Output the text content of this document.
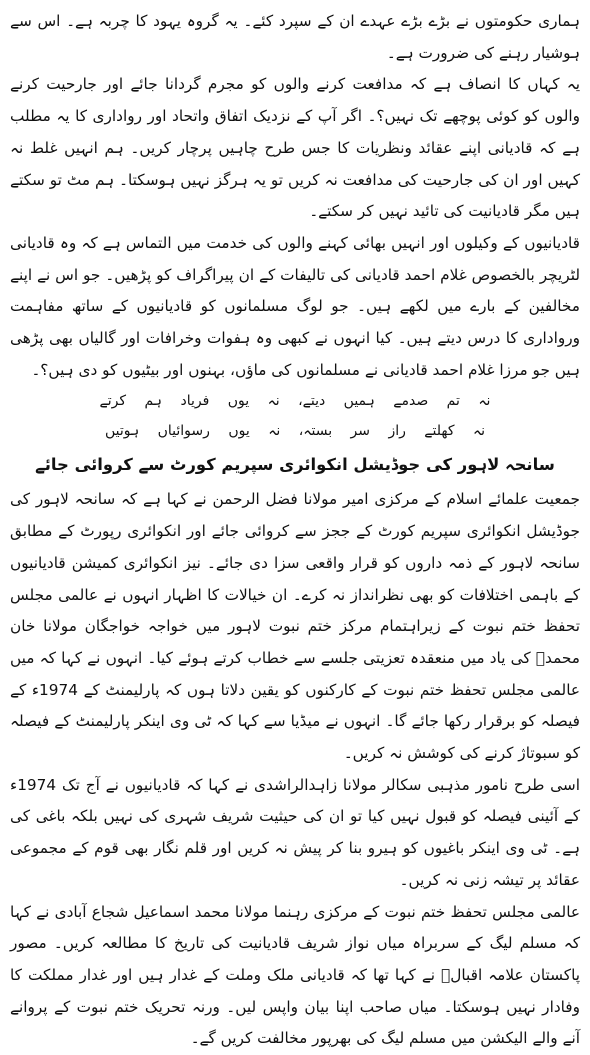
ہماری حکومتوں نے بڑے بڑے عہدے ان کے سپرد کئے۔ یہ گروہ یہود کا چربہ ہے۔ اس سے ہوشیار رہنے کی ضرورت ہے۔

یہ کہاں کا انصاف ہے کہ مدافعت کرنے والوں کو مجرم گردانا جائے اور جارحیت کرنے والوں کو کوئی پوچھے تک نہیں؟۔ اگر آپ کے نزدیک اتفاق واتحاد اور رواداری کا یہ مطلب ہے کہ قادیانی اپنے عقائد ونظریات کا جس طرح چاہیں پرچار کریں۔ ہم انہیں غلط نہ کہیں اور ان کی جارحیت کی مدافعت نہ کریں تو یہ ہرگز نہیں ہوسکتا۔ ہم مٹ تو سکتے ہیں مگر قادیانیت کی تائید نہیں کر سکتے۔

قادیانیوں کے وکیلوں اور انہیں بھائی کہنے والوں کی خدمت میں التماس ہے کہ وہ قادیانی لٹریچر بالخصوص غلام احمد قادیانی کی تالیفات کے ان پیراگراف کو پڑھیں۔ جو اس نے اپنے مخالفین کے بارے میں لکھے ہیں۔ جو لوگ مسلمانوں کو قادیانیوں کے ساتھ مفاہمت ورواداری کا درس دیتے ہیں۔ کیا انہوں نے کبھی وہ ہفوات وخرافات اور گالیاں بھی پڑھی ہیں جو مرزا غلام احمد قادیانی نے مسلمانوں کی ماؤں، بہنوں اور بیٹیوں کو دی ہیں؟۔

نہ تم صدمے ہمیں دیتے، نہ یوں فریاد ہم کرتے
نہ کھلتے راز سر بستہ، نہ یوں رسوائیاں ہوتیں
سانحہ لاہور کی جوڈیشل انکوائری سپریم کورٹ سے کروائی جائے

جمعیت علمائے اسلام کے مرکزی امیر مولانا فضل الرحمن نے کہا ہے کہ سانحہ لاہور کی جوڈیشل انکوائری سپریم کورٹ کے ججز سے کروائی جائے اور انکوائری رپورٹ کے مطابق سانحہ لاہور کے ذمہ داروں کو قرار واقعی سزا دی جائے۔ نیز انکوائری کمیشن قادیانیوں کے باہمی اختلافات کو بھی نظرانداز نہ کرے۔ ان خیالات کا اظہار انہوں نے عالمی مجلس تحفظ ختم نبوت کے زیراہتمام مرکز ختم نبوت لاہور میں خواجہ خواجگان مولانا خان محمدؒ کی یاد میں منعقدہ تعزیتی جلسے سے خطاب کرتے ہوئے کیا۔ انہوں نے کہا کہ میں عالمی مجلس تحفظ ختم نبوت کے کارکنوں کو یقین دلاتا ہوں کہ پارلیمنٹ کے 1974ء کے فیصلہ کو برقرار رکھا جائے گا۔ انہوں نے میڈیا سے کہا کہ ٹی وی اینکر پارلیمنٹ کے فیصلہ کو سبوتاژ کرنے کی کوشش نہ کریں۔

اسی طرح نامور مذہبی سکالر مولانا زاہدالراشدی نے کہا کہ قادیانیوں نے آج تک 1974ء کے آئینی فیصلہ کو قبول نہیں کیا تو ان کی حیثیت شریف شہری کی نہیں بلکہ باغی کی ہے۔ ٹی وی اینکر باغیوں کو ہیرو بنا کر پیش نہ کریں اور قلم نگار بھی قوم کے مجموعی عقائد پر تیشہ زنی نہ کریں۔

عالمی مجلس تحفظ ختم نبوت کے مرکزی رہنما مولانا محمد اسماعیل شجاع آبادی نے کہا کہ مسلم لیگ کے سربراہ میاں نواز شریف قادیانیت کی تاریخ کا مطالعہ کریں۔ مصور پاکستان علامہ اقبالؒ نے کہا تھا کہ قادیانی ملک وملت کے غدار ہیں اور غدار مملکت کا وفادار نہیں ہوسکتا۔ میاں صاحب اپنا بیان واپس لیں۔ ورنہ تحریک ختم نبوت کے پروانے آنے والے الیکشن میں مسلم لیگ کی بھرپور مخالفت کریں گے۔
